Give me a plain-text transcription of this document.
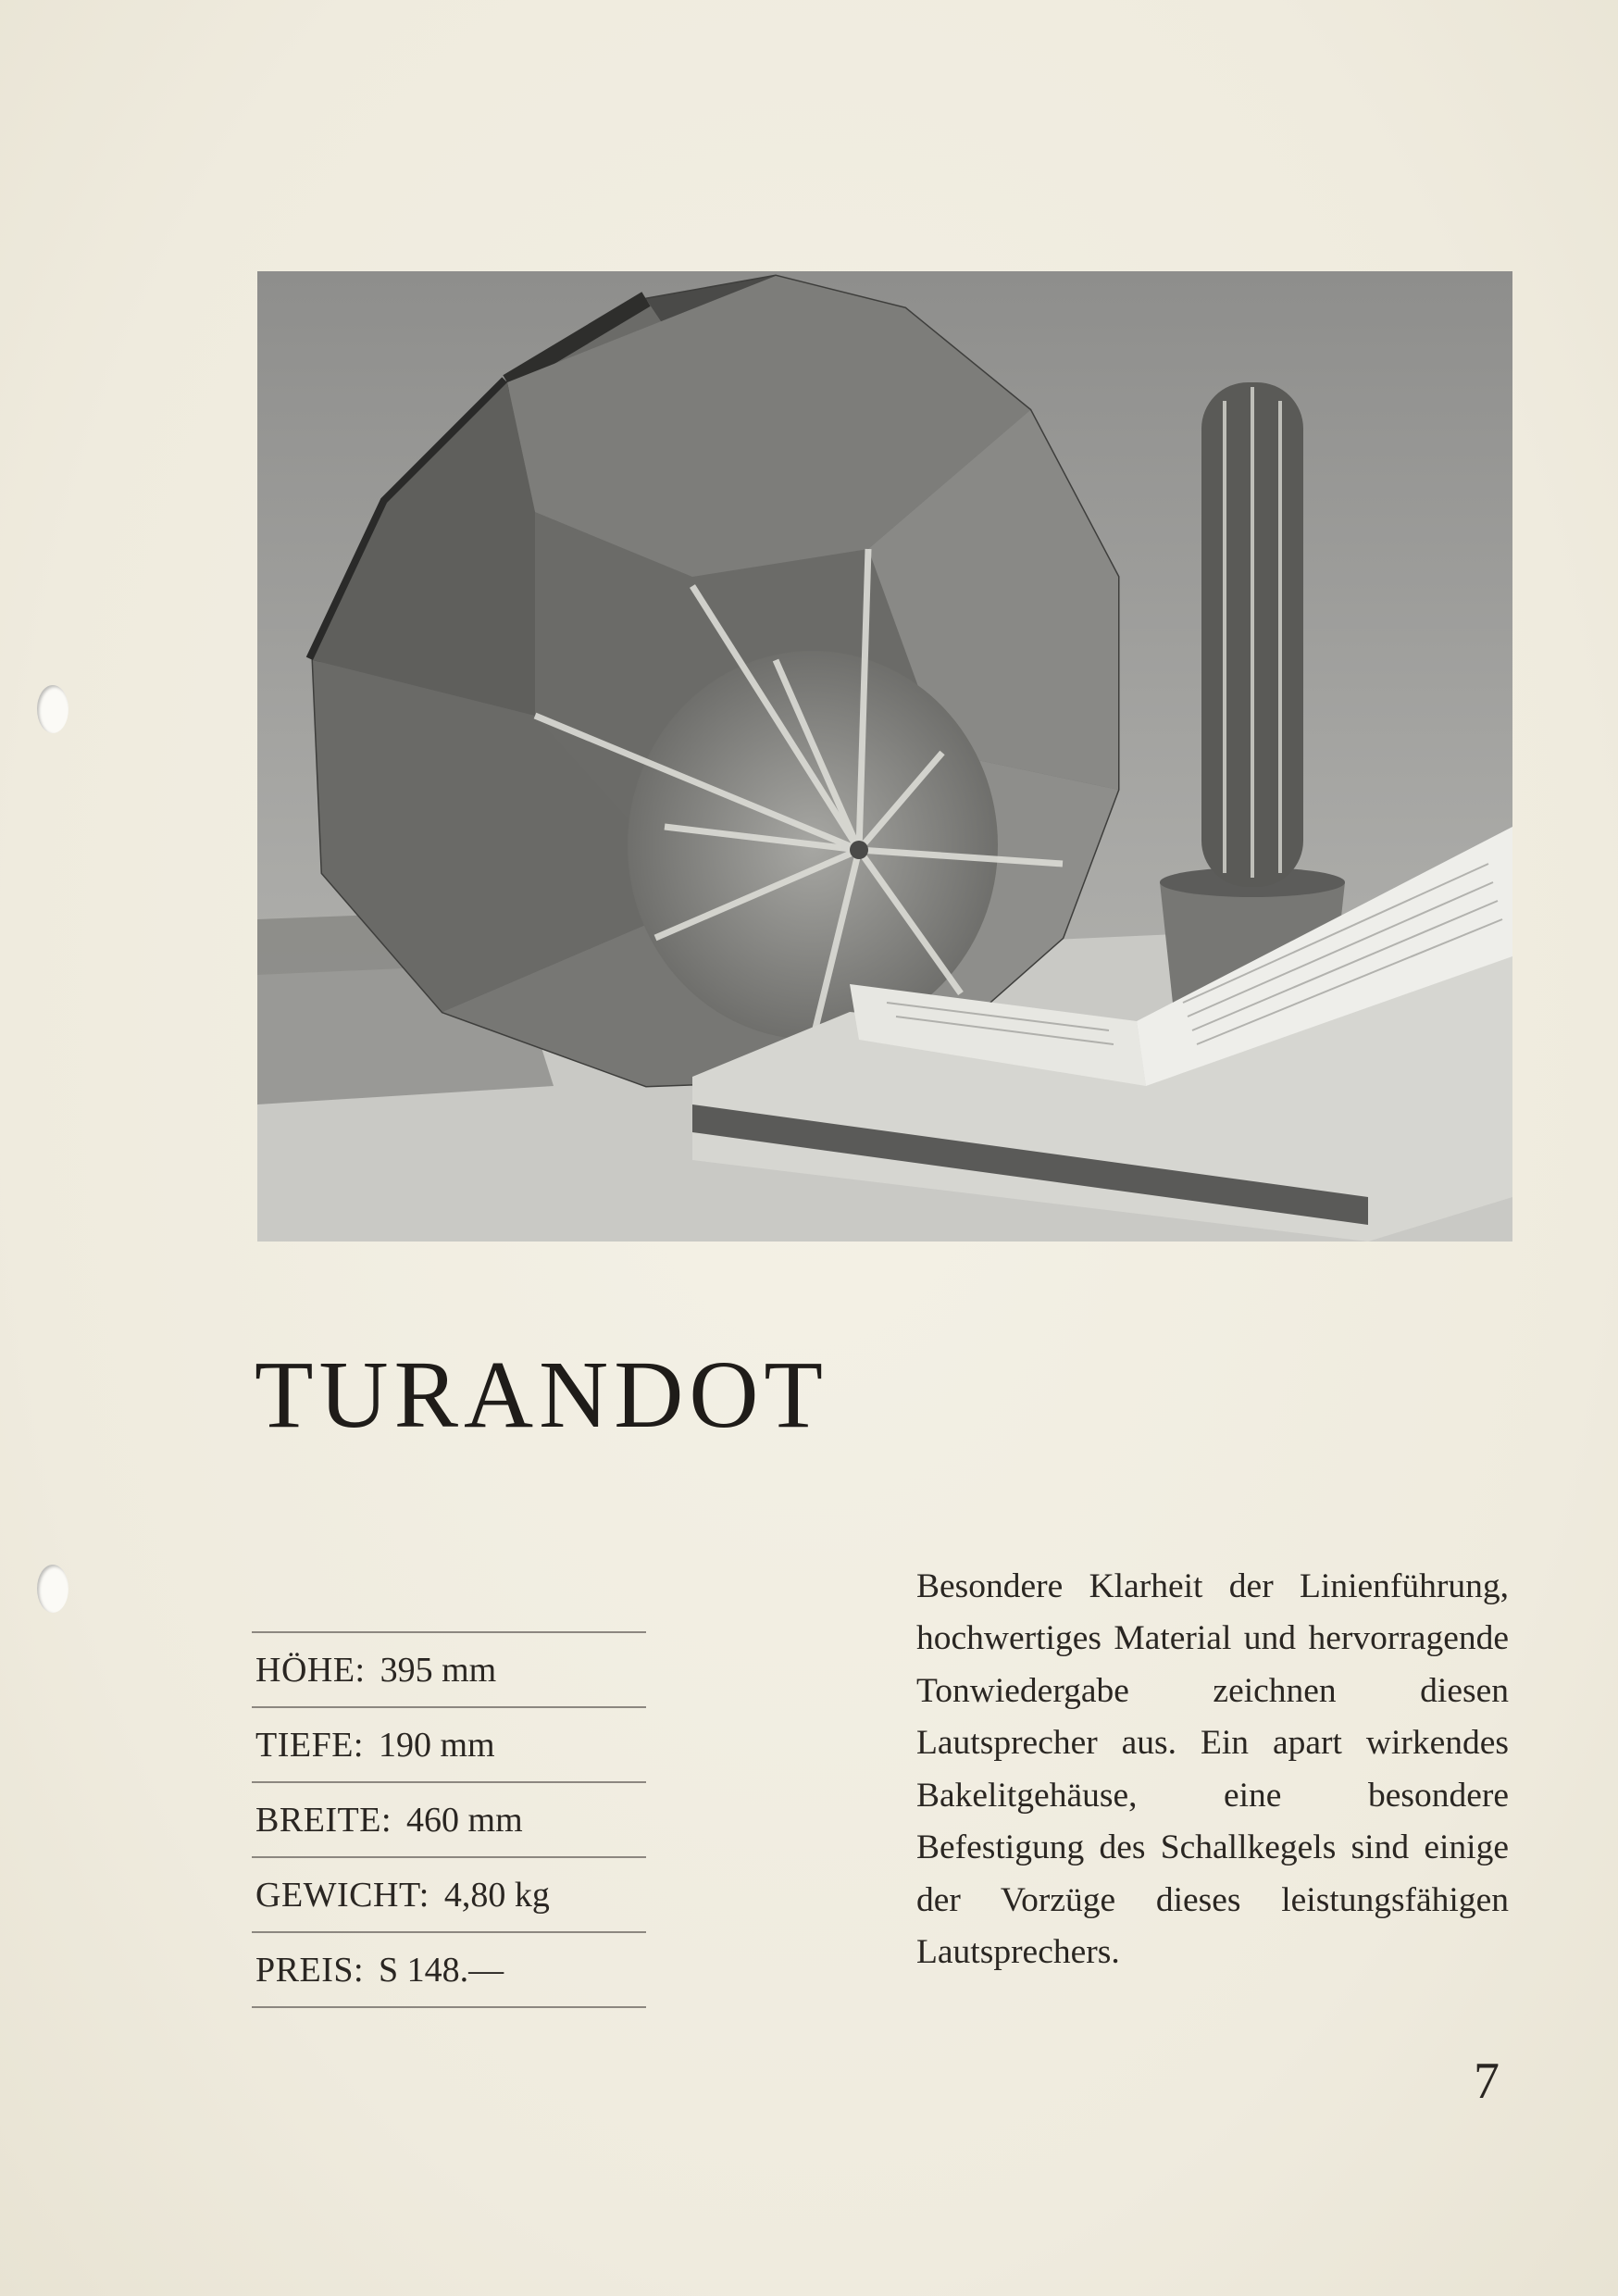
TURANDOT
HÖHE: 395 mm
TIEFE: 190 mm
BREITE: 460 mm
GEWICHT: 4,80 kg
PREIS: S 148.—

Besondere Klarheit der Linienführung, hochwertiges Material und hervorragende Tonwiedergabe zeichnen diesen Lautsprecher aus. Ein apart wirkendes Bakelitgehäuse, eine besondere Befestigung des Schallkegels sind einige der Vorzüge dieses leistungsfähigen Lautsprechers.

7
